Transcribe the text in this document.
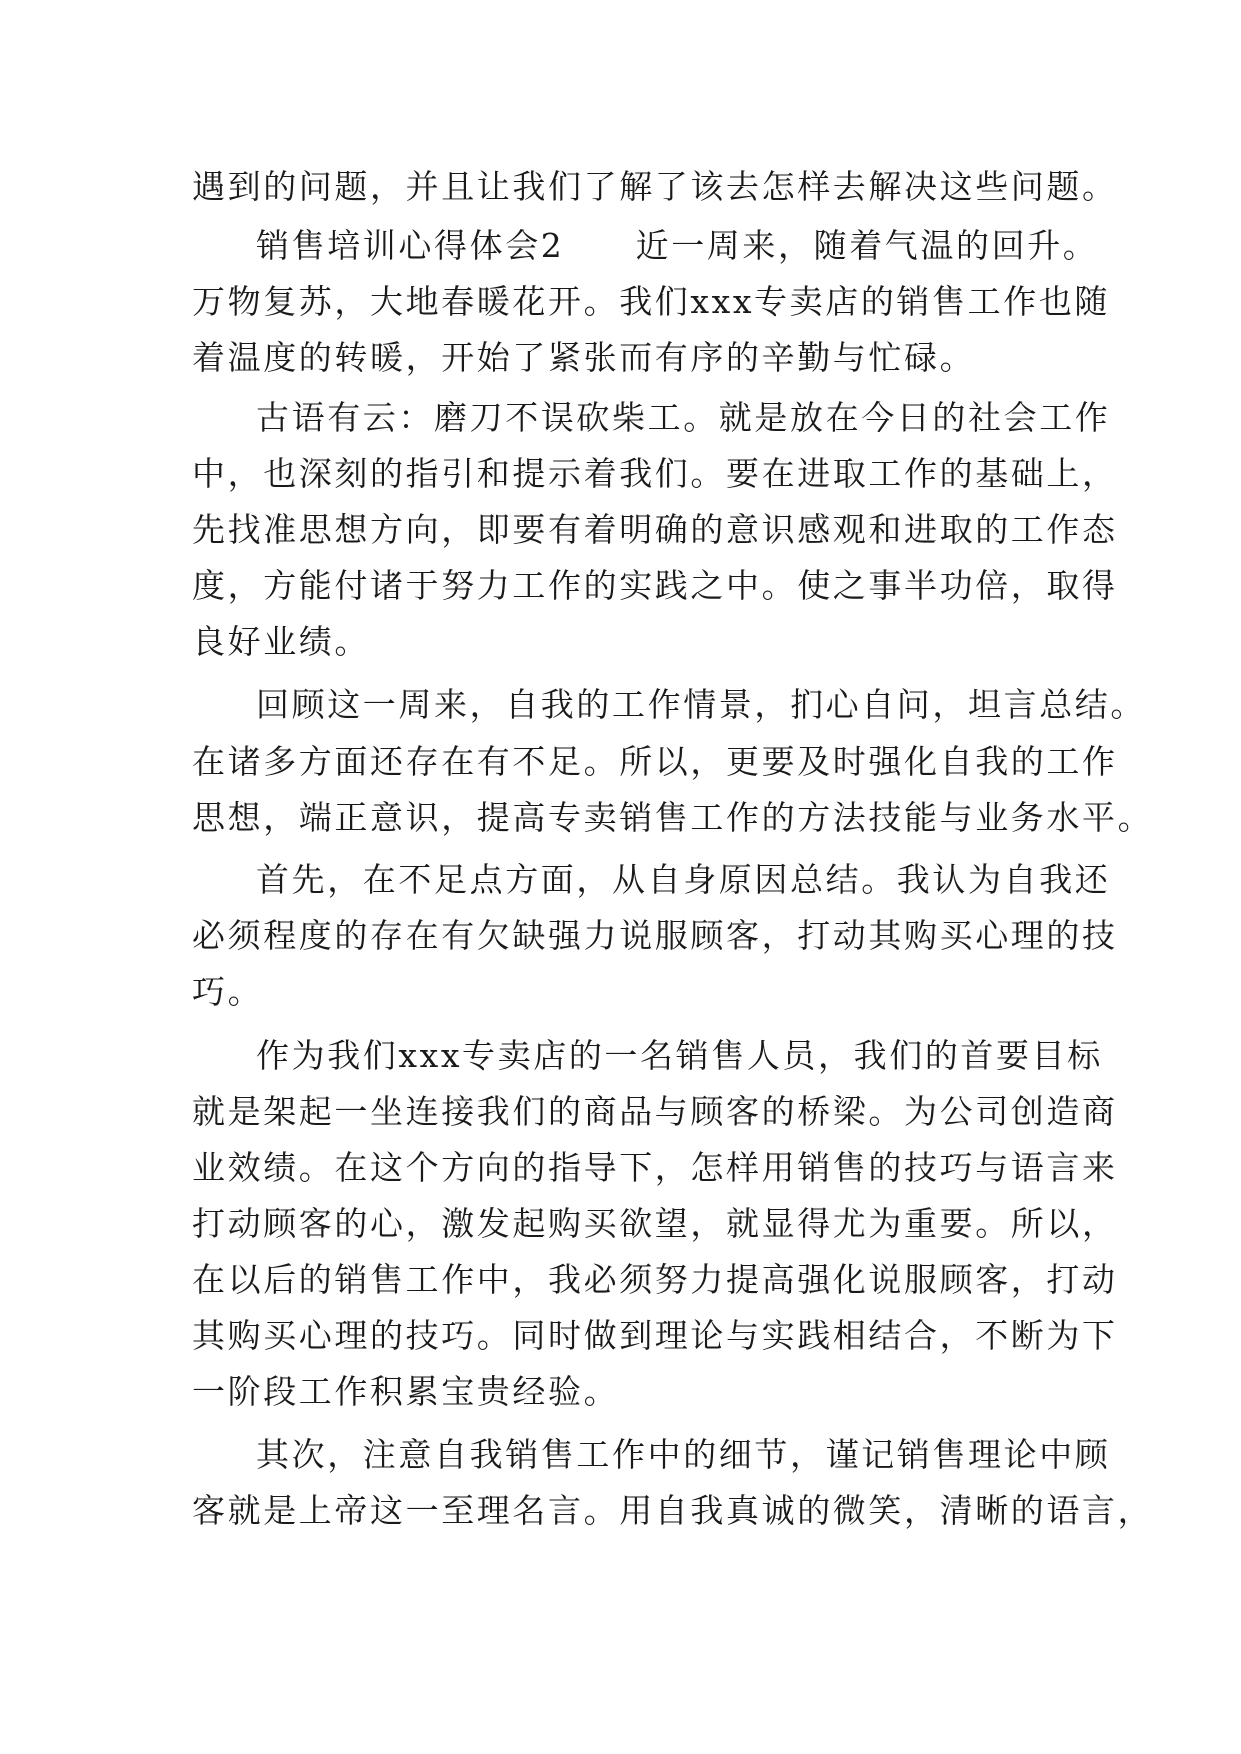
遇到的问题，并且让我们了解了该去怎样去解决这些问题。
销售培训心得体会2　　近一周来，随着气温的回升。
万物复苏，大地春暖花开。我们xxx专卖店的销售工作也随
着温度的转暖，开始了紧张而有序的辛勤与忙碌。
古语有云：磨刀不误砍柴工。就是放在今日的社会工作
中，也深刻的指引和提示着我们。要在进取工作的基础上，
先找准思想方向，即要有着明确的意识感观和进取的工作态
度，方能付诸于努力工作的实践之中。使之事半功倍，取得
良好业绩。
回顾这一周来，自我的工作情景，扪心自问，坦言总结。
在诸多方面还存在有不足。所以，更要及时强化自我的工作
思想，端正意识，提高专卖销售工作的方法技能与业务水平。
首先，在不足点方面，从自身原因总结。我认为自我还
必须程度的存在有欠缺强力说服顾客，打动其购买心理的技
巧。
作为我们xxx专卖店的一名销售人员，我们的首要目标
就是架起一坐连接我们的商品与顾客的桥梁。为公司创造商
业效绩。在这个方向的指导下，怎样用销售的技巧与语言来
打动顾客的心，激发起购买欲望，就显得尤为重要。所以，
在以后的销售工作中，我必须努力提高强化说服顾客，打动
其购买心理的技巧。同时做到理论与实践相结合，不断为下
一阶段工作积累宝贵经验。
其次，注意自我销售工作中的细节，谨记销售理论中顾
客就是上帝这一至理名言。用自我真诚的微笑，清晰的语言，
